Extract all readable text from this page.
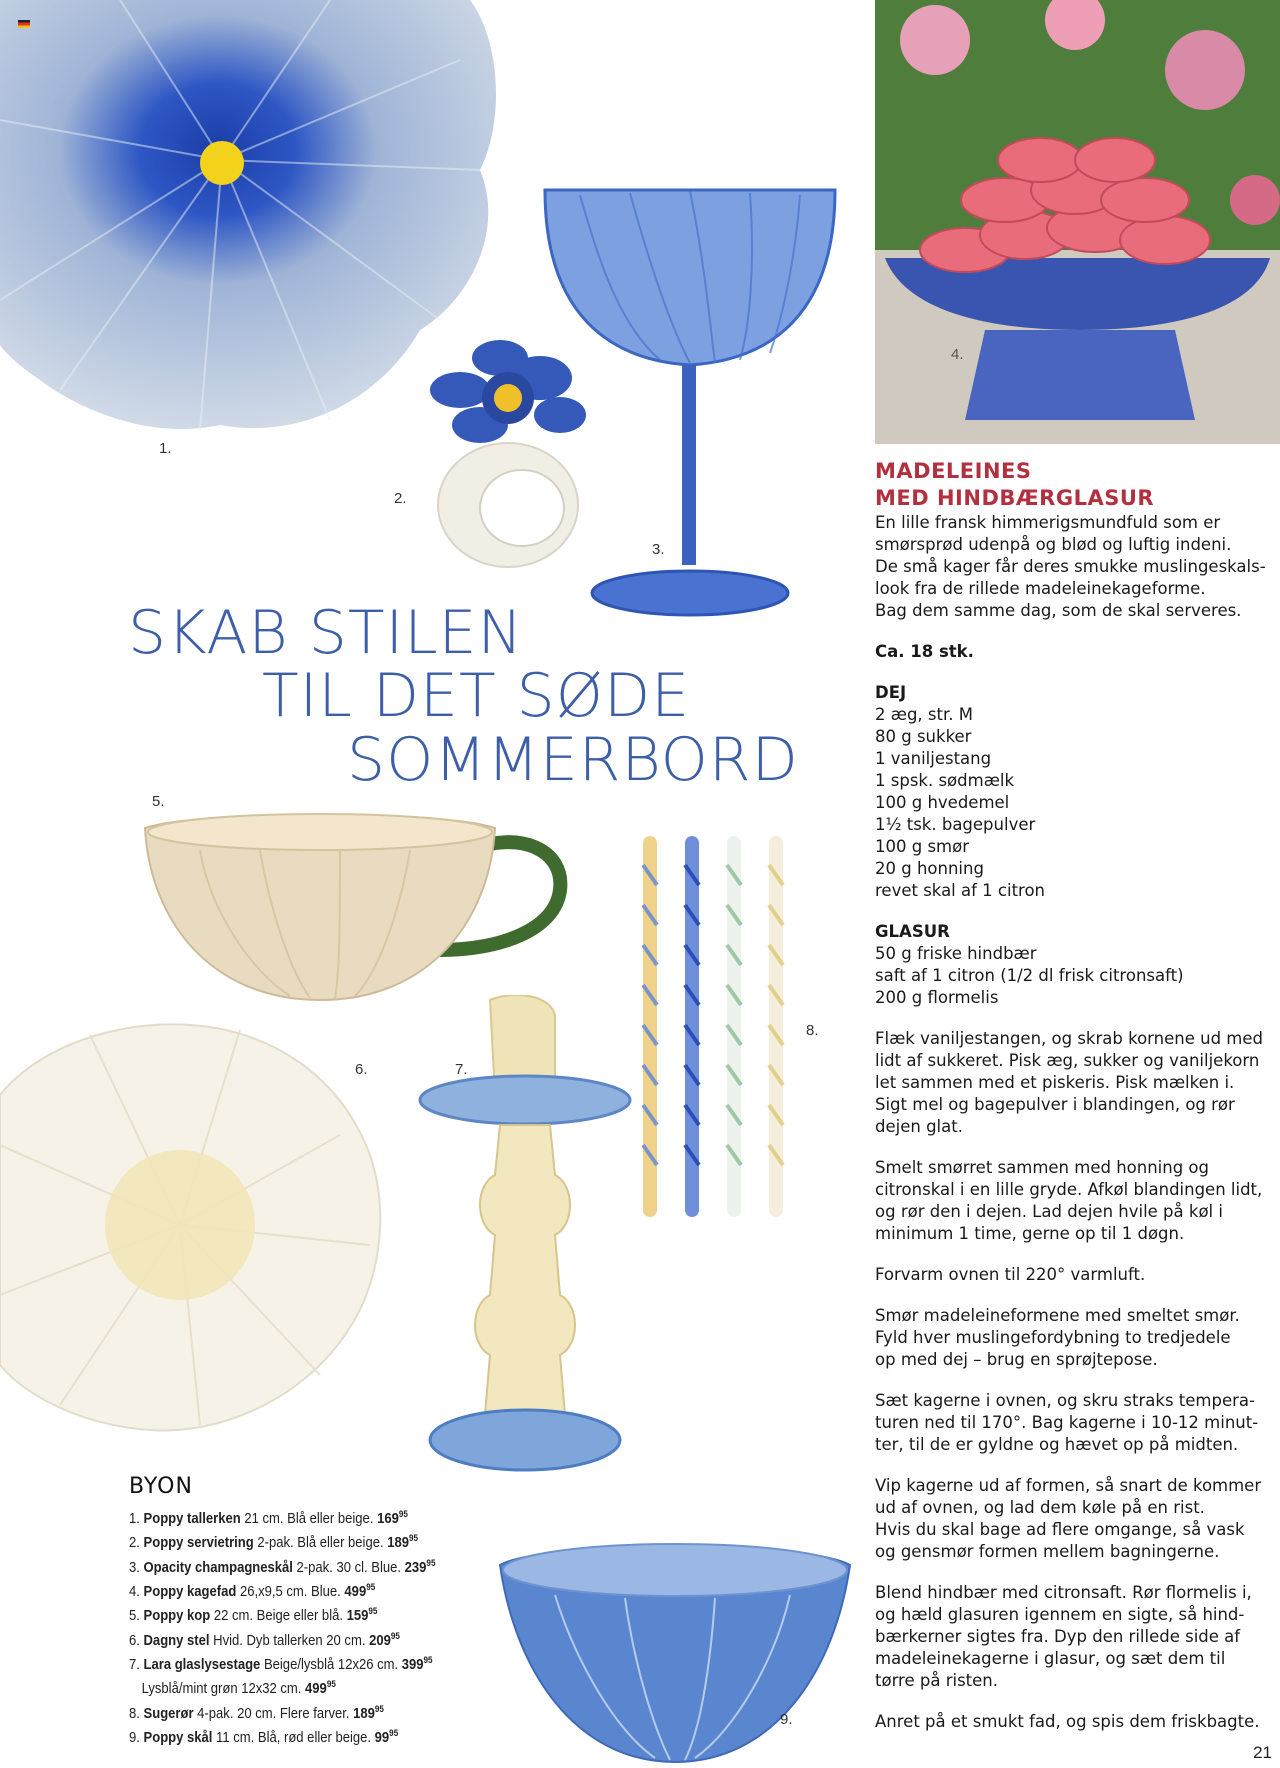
1.
2.
3.
4.
5.
6.	7.
8.
9.
SKAB STILEN
TIL DET SØDE
SOMMERBORD
MADELEINES
MED HINDBÆRGLASUR

En lille fransk himmerigsmundfuld som er

smørsprød udenpå og blød og luftig indeni.

De små kager får deres smukke muslingeskals-

look fra de rillede madeleinekageforme.

Bag dem samme dag, som de skal serveres.

Ca. 18 stk.

DEJ

2 æg, str. M

80 g sukker

1 vaniljestang

1 spsk. sødmælk

100 g hvedemel

1½ tsk. bagepulver

100 g smør

20 g honning

revet skal af 1 citron

GLASUR

50 g friske hindbær

saft af 1 citron (1/2 dl frisk citronsaft)

200 g flormelis

Flæk vaniljestangen, og skrab kornene ud med

lidt af sukkeret. Pisk æg, sukker og vaniljekorn

let sammen med et piskeris. Pisk mælken i.

Sigt mel og bagepulver i blandingen, og rør

dejen glat.

Smelt smørret sammen med honning og

citronskal i en lille gryde. Afkøl blandingen lidt,

og rør den i dejen. Lad dejen hvile på køl i

minimum 1 time, gerne op til 1 døgn.

Forvarm ovnen til 220° varmluft.

Smør madeleineformene med smeltet smør.

Fyld hver muslingefordybning to tredjedele

op med dej – brug en sprøjtepose.

Sæt kagerne i ovnen, og skru straks tempera-

turen ned til 170°. Bag kagerne i 10-12 minut-

ter, til de er gyldne og hævet op på midten.

Vip kagerne ud af formen, så snart de kommer

ud af ovnen, og lad dem køle på en rist.

Hvis du skal bage ad flere omgange, så vask

og gensmør formen mellem bagningerne.

Blend hindbær med citronsaft. Rør flormelis i,

og hæld glasuren igennem en sigte, så hind-

bærkerner sigtes fra. Dyp den rillede side af

madeleinekagerne i glasur, og sæt dem til

tørre på risten.

Anret på et smukt fad, og spis dem friskbagte.

BYON
1. Poppy tallerken 21 cm. Blå eller beige. $169^{95}$
2. Poppy servietring 2-pak. Blå eller beige. $189^{95}$
3. Opacity champagneskål 2-pak. 30 cl. Blue. $239^{95}$
4. Poppy kagefad 26,x9,5 cm. Blue. $499^{95}$
5. Poppy kop 22 cm. Beige eller blå. $159^{95}$
6. Dagny stel Hvid. Dyb tallerken 20 cm. $209^{95}$
7. Lara glaslysestage Beige/lysblå 12x26 cm. $399^{95}$
Lysblå/mint grøn 12x32 cm. $499^{95}$
8. Sugerør 4-pak. 20 cm. Flere farver. $189^{95}$
9. Poppy skål 11 cm. Blå, rød eller beige. $99^{95}$
21
